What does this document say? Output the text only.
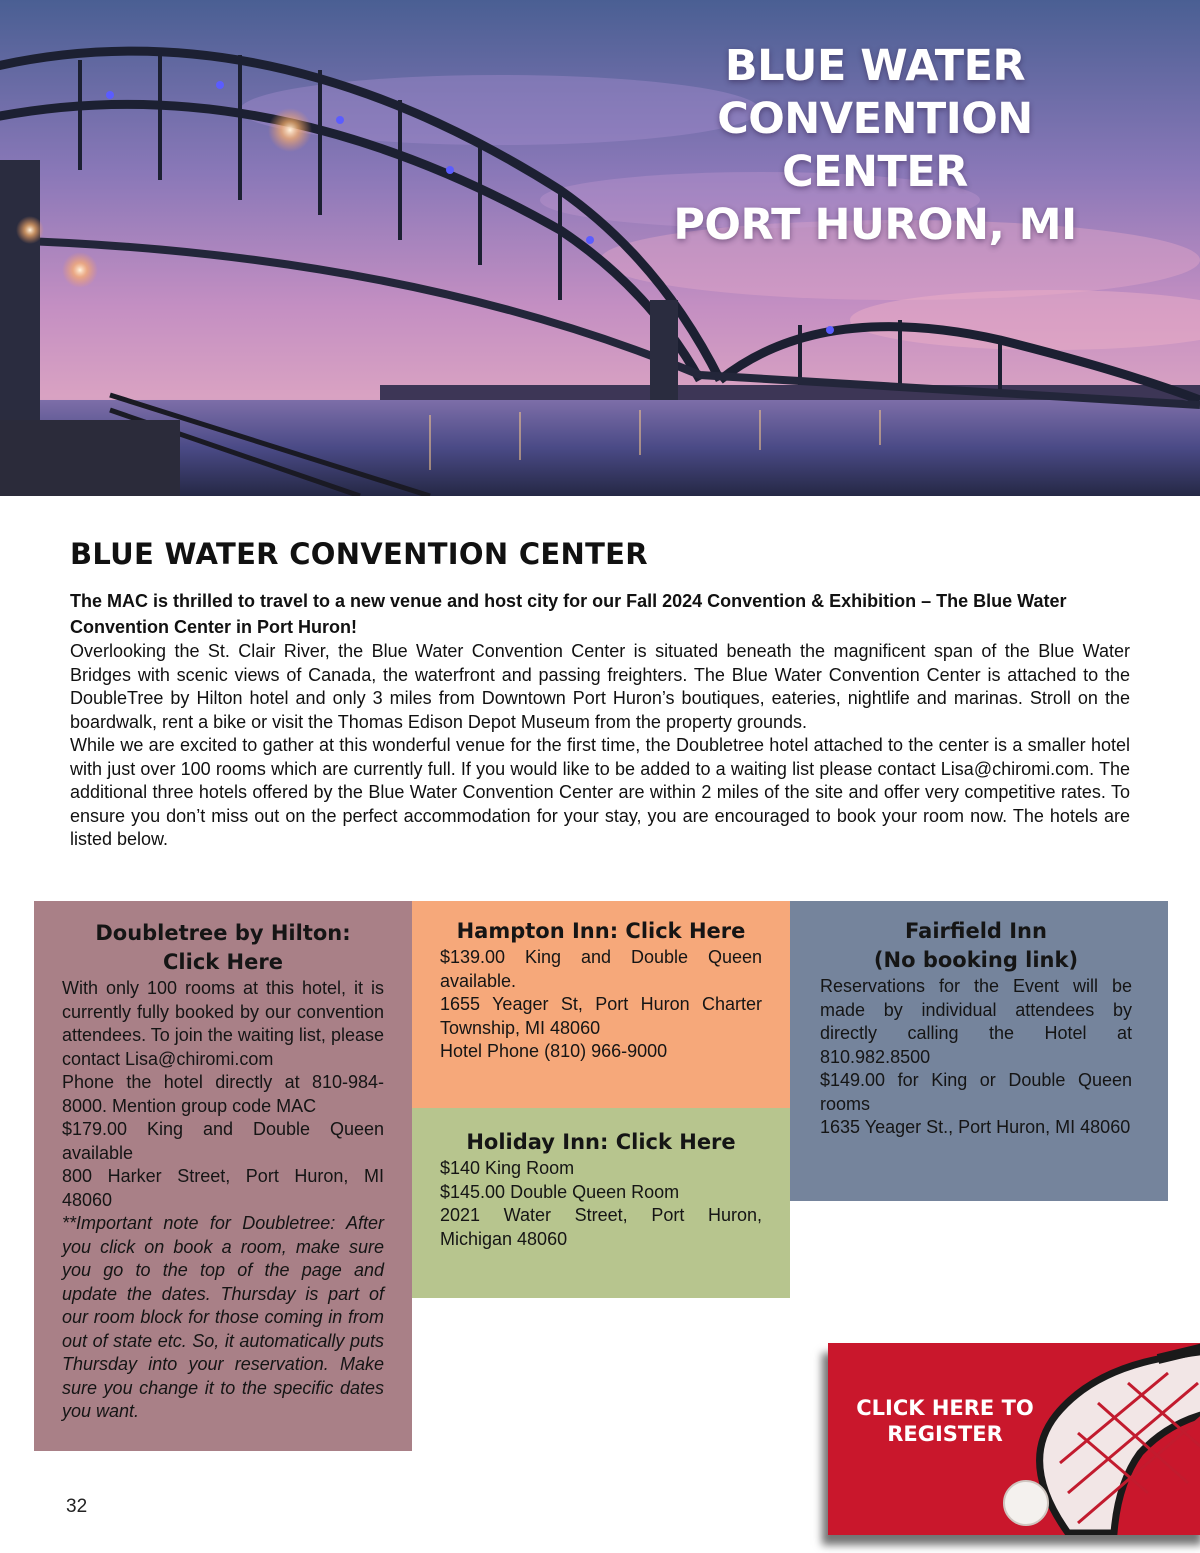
BLUE WATER CONVENTION
CENTER
PORT HURON, MI
BLUE WATER CONVENTION CENTER

The MAC is thrilled to travel to a new venue and host city for our Fall 2024 Convention & Exhibition – The Blue Water Convention Center in Port Huron!

Overlooking the St. Clair River, the Blue Water Convention Center is situated beneath the magnificent span of the Blue Water Bridges with scenic views of Canada, the waterfront and passing freighters. The Blue Water Convention Center is attached to the DoubleTree by Hilton hotel and only 3 miles from Downtown Port Huron’s boutiques, eateries, nightlife and marinas. Stroll on the boardwalk, rent a bike or visit the Thomas Edison Depot Museum from the property grounds.

While we are excited to gather at this wonderful venue for the first time, the Doubletree hotel attached to the center is a smaller hotel with just over 100 rooms which are currently full. If you would like to be added to a waiting list please contact Lisa@chiromi.com. The additional three hotels offered by the Blue Water Convention Center are within 2 miles of the site and offer very competitive rates. To ensure you don’t miss out on the perfect accommodation for your stay, you are encouraged to book your room now. The hotels are listed below.

Doubletree by Hilton:
Click Here

With only 100 rooms at this hotel, it is currently fully booked by our convention attendees. To join the waiting list, please contact Lisa@chiromi.com

Phone the hotel directly at 810-984-8000. Mention group code MAC

$179.00 King and Double Queen available

800 Harker Street, Port Huron, MI 48060

**Important note for Doubletree: After you click on book a room, make sure you go to the top of the page and update the dates. Thursday is part of our room block for those coming in from out of state etc. So, it automatically puts Thursday into your reservation. Make sure you change it to the specific dates you want.

Hampton Inn: Click Here

$139.00 King and Double Queen available.

1655 Yeager St, Port Huron Charter Township, MI 48060

Hotel Phone (810) 966-9000

Holiday Inn: Click Here

$140 King Room

$145.00 Double Queen Room

2021 Water Street, Port Huron, Michigan 48060

Fairfield Inn
(No booking link)

Reservations for the Event will be made by individual attendees by directly calling the Hotel at 810.982.8500

$149.00 for King or Double Queen rooms

1635 Yeager St., Port Huron, MI 48060

CLICK HERE TO
REGISTER
32
